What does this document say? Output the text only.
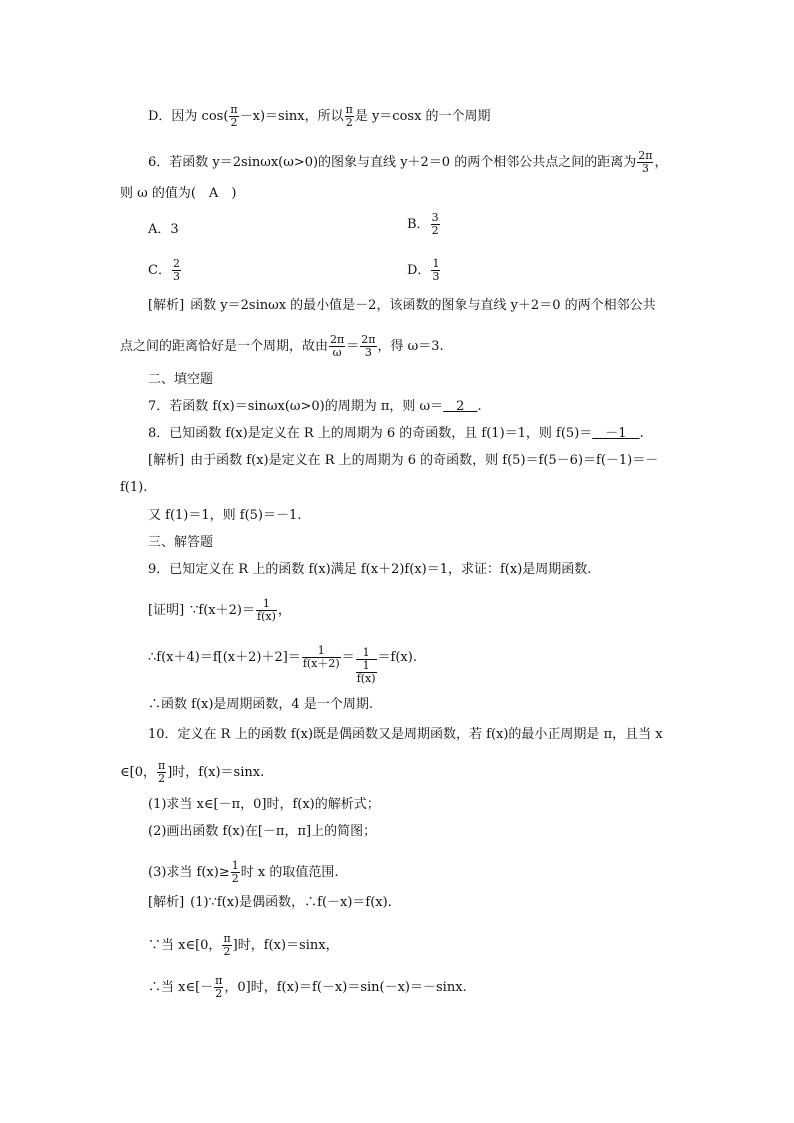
D．因为 $\cos( \frac{\pi}{2} -x)=\sin x$，所以 $\frac{\pi}{2}$ 是 y＝cosx 的一个周期
6．若函数 y＝2sinωx(ω>0)的图象与直线 y＋2＝0 的两个相邻公共点之间的距离为 $\frac{2\pi}{3}$ ，
则 ω 的值为(　A　)
A．3	B． $\frac{3}{2}$
C． $\frac{2}{3}$	D． $\frac{1}{3}$
[解析] 函数 y＝2sinωx 的最小值是－2，该函数的图象与直线 y＋2＝0 的两个相邻公共
点之间的距离恰好是一个周期，故由 $\frac{2\pi}{\omega} = \frac{2\pi}{3}$ ，得 ω＝3.
二、填空题
7．若函数 f(x)＝sinωx(ω>0)的周期为 π，则 ω＝　2　.
8．已知函数 f(x)是定义在 R 上的周期为 6 的奇函数，且 f(1)＝1，则 f(5)＝　－1　.
[解析] 由于函数 f(x)是定义在 R 上的周期为 6 的奇函数，则 f(5)＝f(5－6)＝f(－1)＝－
f(1).
又 f(1)＝1，则 f(5)＝－1.
三、解答题
9．已知定义在 R 上的函数 f(x)满足 f(x＋2)f(x)＝1，求证：f(x)是周期函数.
[证明] ∵f(x＋2)＝ $\frac{1}{f(x)}$ ，
∴f(x＋4)＝f[(x＋2)＋2]＝ $\frac{1}{f(x+2)} = \frac{1}{\frac{1}{f(x)}} =f(x)$.
∴函数 f(x)是周期函数，4 是一个周期.
10．定义在 R 上的函数 f(x)既是偶函数又是周期函数，若 f(x)的最小正周期是 π，且当 x
∈[0， $\frac{\pi}{2}$ ]时，f(x)＝sinx.
(1)求当 x∈[－π，0]时，f(x)的解析式；
(2)画出函数 f(x)在[－π，π]上的简图；
(3)求当 $f(x)\ge \frac{1}{2}$ 时 x 的取值范围.
[解析] (1)∵f(x)是偶函数，∴f(－x)＝f(x).
∵当 x∈[0， $\frac{\pi}{2}$ ]时，f(x)＝sinx，
∴当 x∈[－ $\frac{\pi}{2}$ ，0]时，f(x)＝f(－x)＝sin(－x)＝－sinx.
